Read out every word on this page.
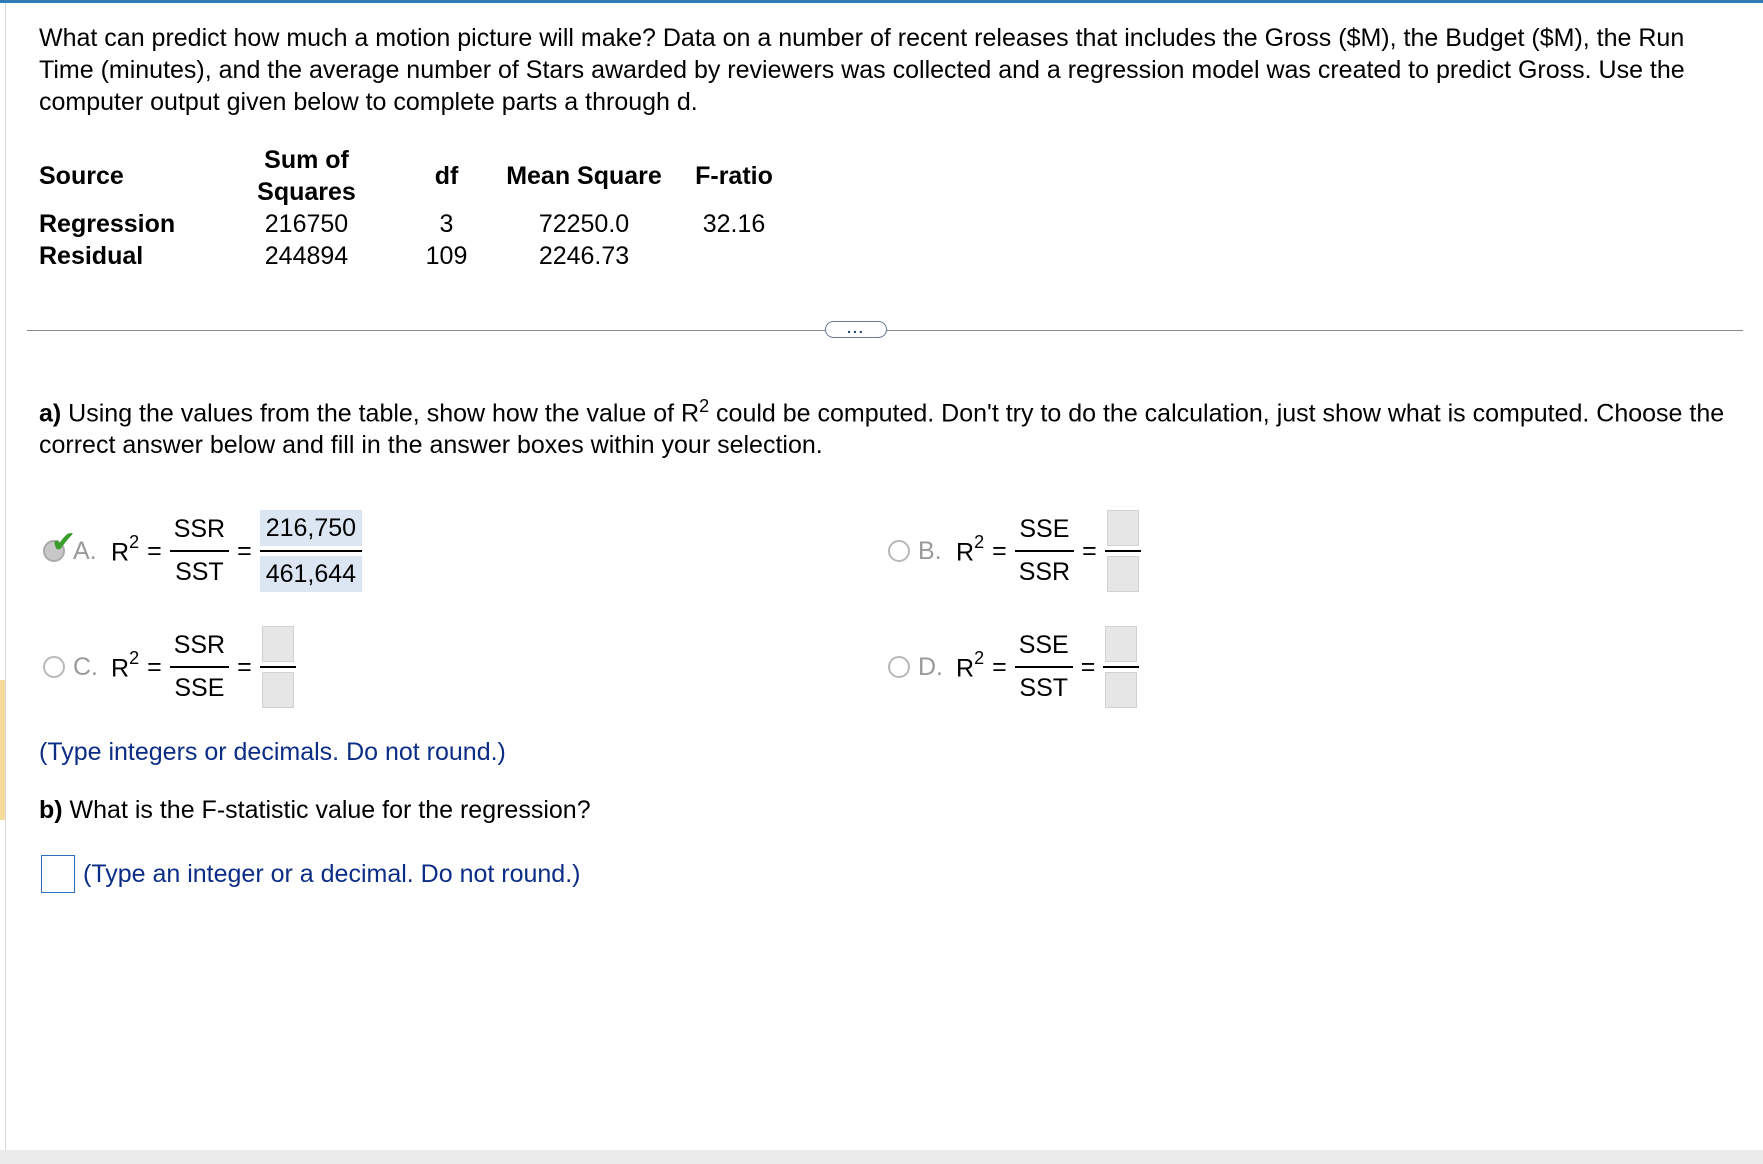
What can predict how much a motion picture will make? Data on a number of recent releases that includes the Gross ($M), the Budget ($M), the Run Time (minutes), and the average number of Stars awarded by reviewers was collected and a regression model was created to predict Gross. Use the computer output given below to complete parts a through d.
Source	Sum of Squares	df	Mean Square	F-ratio
Regression	216750	3	72250.0	32.16
Residual	244894	109	2246.73	
...
a) Using the values from the table, show how the value of $R^2$ could be computed. Don't try to do the calculation, just show what is computed. Choose the correct answer below and fill in the answer boxes within your selection.
✔
A. $R^2 = \frac{\text{SSR}}{\text{SST}} = \frac{216,750}{461,644}$	B. $R^2 = \frac{\text{SSE}}{\text{SSR}}$ =
C. $R^2 = \frac{\text{SSR}}{\text{SSE}}$ =	D. $R^2 = \frac{\text{SSE}}{\text{SST}}$ =
(Type integers or decimals. Do not round.)
b) What is the F-statistic value for the regression?
(Type an integer or a decimal. Do not round.)
